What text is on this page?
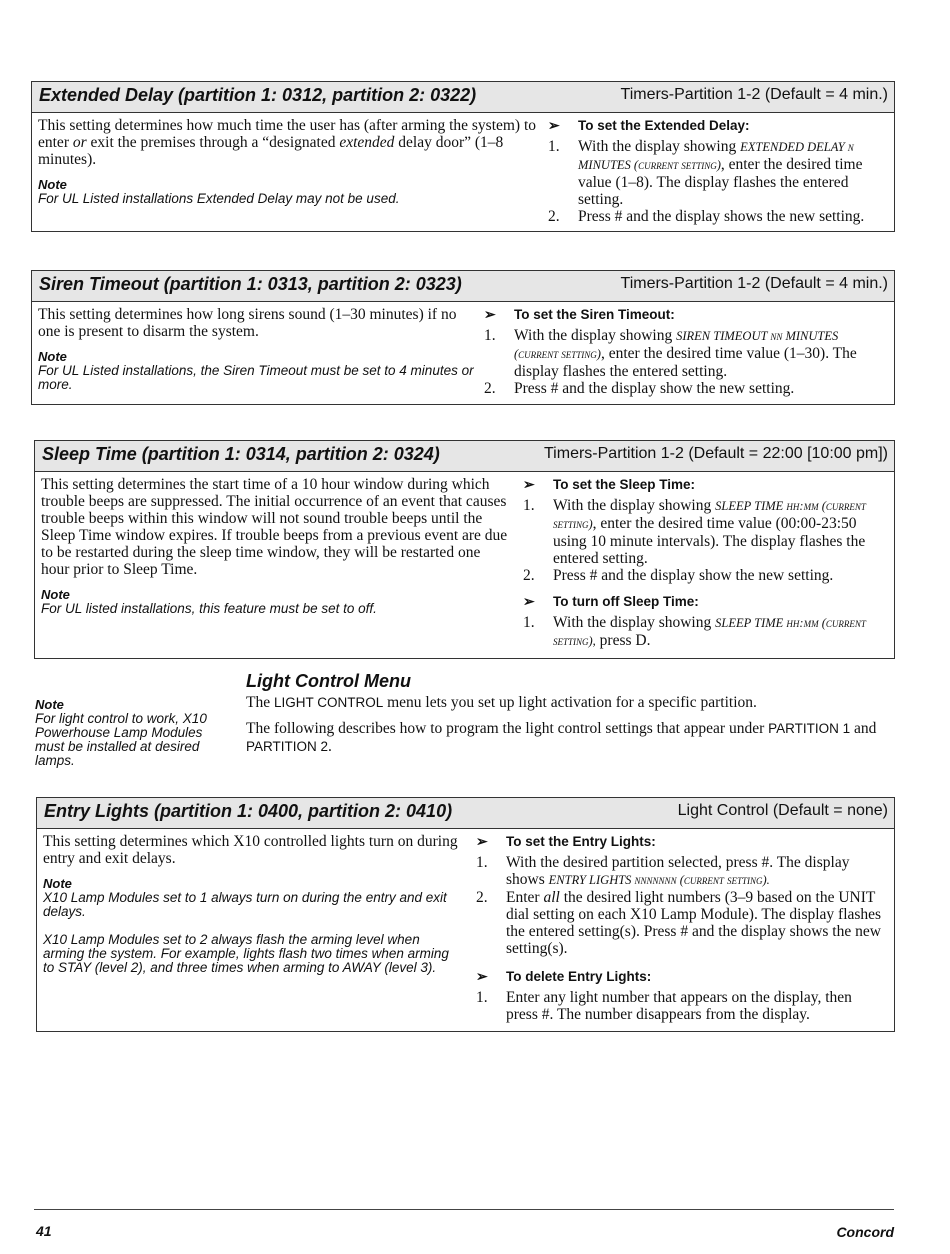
Extended Delay (partition 1: 0312, partition 2: 0322)	Timers-Partition 1-2 (Default = 4 min.)
This setting determines how much time the user has (after arming the system) to enter or exit the premises through a “designated extended delay door” (1–8 minutes).
Note
For UL Listed installations Extended Delay may not be used.
➢ To set the Extended Delay:
1. With the display showing EXTENDED DELAY n MINUTES (current setting), enter the desired time value (1–8). The display flashes the entered setting.
2. Press # and the display shows the new setting.
Siren Timeout (partition 1: 0313, partition 2: 0323)	Timers-Partition 1-2 (Default = 4 min.)
This setting determines how long sirens sound (1–30 minutes) if no one is present to disarm the system.
Note
For UL Listed installations, the Siren Timeout must be set to 4 minutes or more.
➢ To set the Siren Timeout:
1. With the display showing SIREN TIMEOUT nn MINUTES (current setting), enter the desired time value (1–30). The display flashes the entered setting.
2. Press # and the display show the new setting.
Sleep Time (partition 1: 0314, partition 2: 0324)	Timers-Partition 1-2 (Default = 22:00 [10:00 pm])
This setting determines the start time of a 10 hour window during which trouble beeps are suppressed. The initial occurrence of an event that causes trouble beeps within this window will not sound trouble beeps until the Sleep Time window expires. If trouble beeps from a previous event are due to be restarted during the sleep time window, they will be restarted one hour prior to Sleep Time.
Note
For UL listed installations, this feature must be set to off.
➢ To set the Sleep Time:
1. With the display showing SLEEP TIME hh:mm (current setting), enter the desired time value (00:00-23:50 using 10 minute intervals). The display flashes the entered setting.
2. Press # and the display show the new setting.
➢ To turn off Sleep Time:
1. With the display showing SLEEP TIME hh:mm (current setting), press D.
Light Control Menu
Note
For light control to work, X10 Powerhouse Lamp Modules must be installed at desired lamps.
The LIGHT CONTROL menu lets you set up light activation for a specific partition.
The following describes how to program the light control settings that appear under PARTITION 1 and PARTITION 2.
Entry Lights (partition 1: 0400, partition 2: 0410)	Light Control (Default = none)
This setting determines which X10 controlled lights turn on during entry and exit delays.
Note
X10 Lamp Modules set to 1 always turn on during the entry and exit delays.
X10 Lamp Modules set to 2 always flash the arming level when arming the system. For example, lights flash two times when arming to STAY (level 2), and three times when arming to AWAY (level 3).
➢ To set the Entry Lights:
1. With the desired partition selected, press #. The display shows ENTRY LIGHTS nnnnnnn (current setting).
2. Enter all the desired light numbers (3–9 based on the UNIT dial setting on each X10 Lamp Module). The display flashes the entered setting(s). Press # and the display shows the new setting(s).
➢ To delete Entry Lights:
1. Enter any light number that appears on the display, then press #. The number disappears from the display.
41	Concord
